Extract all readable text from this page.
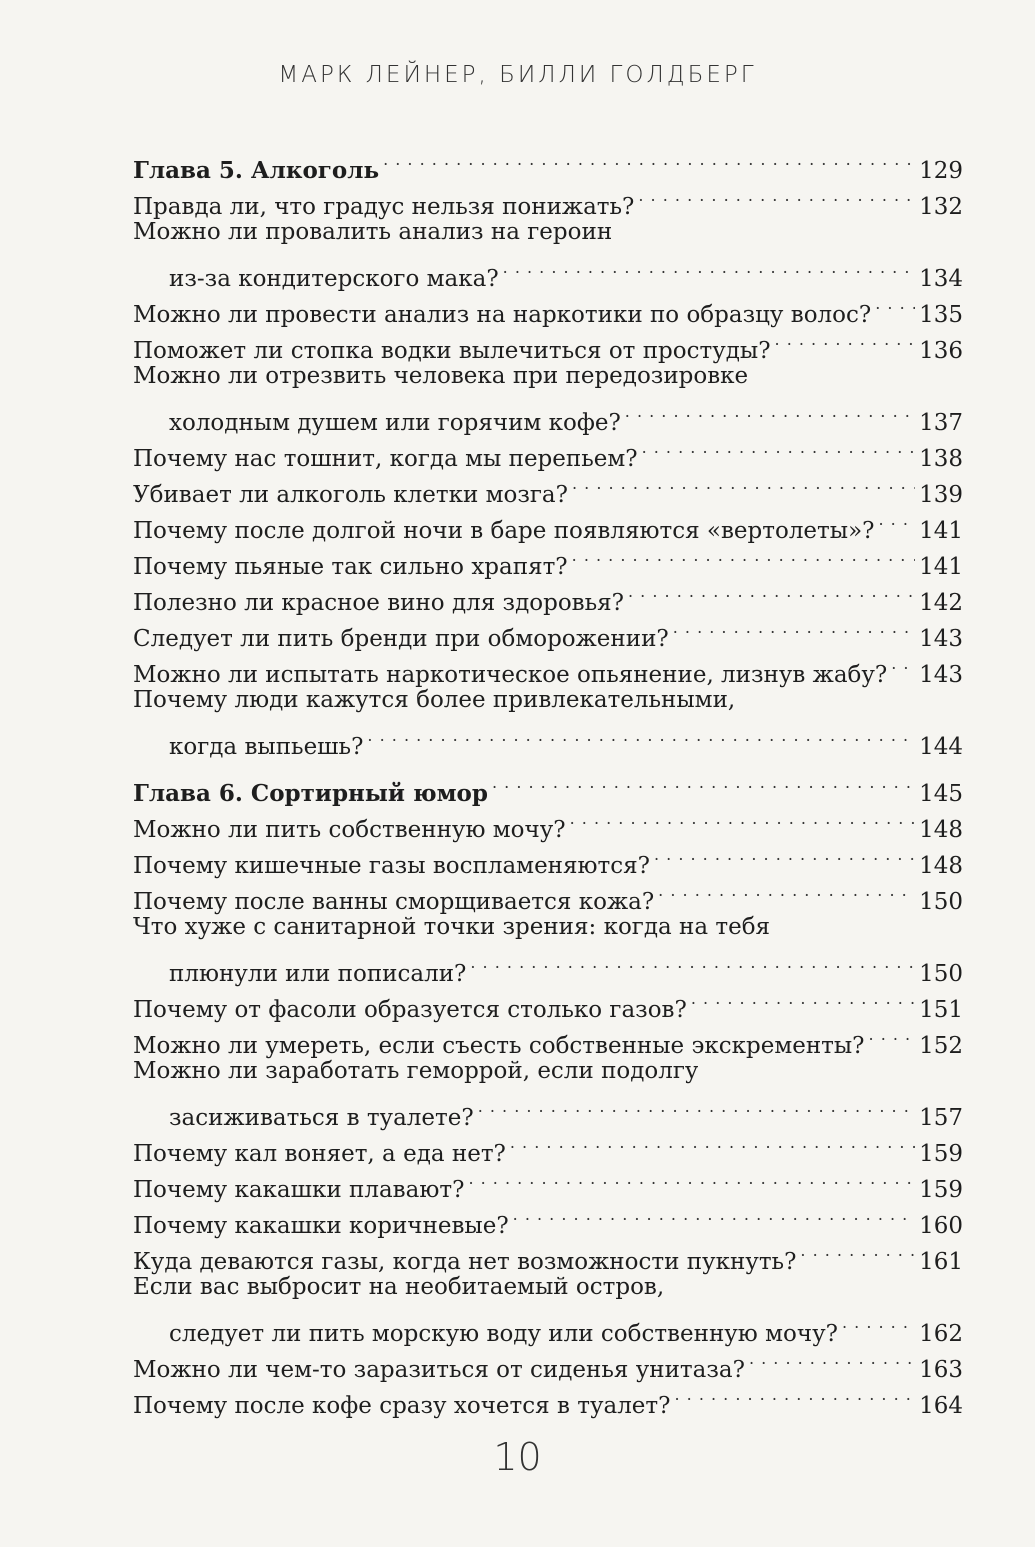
МАРК ЛЕЙНЕР, БИЛЛИ ГОЛДБЕРГ
Глава 5. Алкоголь . . .	129
Правда ли, что градус нельзя понижать? . . .	132
Можно ли провалить анализ на героин
из-за кондитерского мака? . . .	134
Можно ли провести анализ на наркотики по образцу волос? . . . 135
Поможет ли стопка водки вылечиться от простуды? . . .	136
Можно ли отрезвить человека при передозировке
холодным душем или горячим кофе? . . .	137
Почему нас тошнит, когда мы перепьем? . . .	138
Убивает ли алкоголь клетки мозга? . . .	139
Почему после долгой ночи в баре появляются «вертолеты»? . . . 141
Почему пьяные так сильно храпят? . . .	141
Полезно ли красное вино для здоровья? . . .	142
Следует ли пить бренди при обморожении? . . .	143
Можно ли испытать наркотическое опьянение, лизнув жабу? . . . 143
Почему люди кажутся более привлекательными,
когда выпьешь? . . .	144
Глава 6. Сортирный юмор . . .	145
Можно ли пить собственную мочу? . . .	148
Почему кишечные газы воспламеняются? . . .	148
Почему после ванны сморщивается кожа? . . .	150
Что хуже с санитарной точки зрения: когда на тебя
плюнули или пописали? . . .	150
Почему от фасоли образуется столько газов? . . .	151
Можно ли умереть, если съесть собственные экскременты? . . . 152
Можно ли заработать геморрой, если подолгу
засиживаться в туалете? . . .	157
Почему кал воняет, а еда нет? . . .	159
Почему какашки плавают? . . .	159
Почему какашки коричневые? . . .	160
Куда деваются газы, когда нет возможности пукнуть? . . .	161
Если вас выбросит на необитаемый остров,
следует ли пить морскую воду или собственную мочу? . . .	162
Можно ли чем-то заразиться от сиденья унитаза? . . .	163
Почему после кофе сразу хочется в туалет? . . .	164
10
